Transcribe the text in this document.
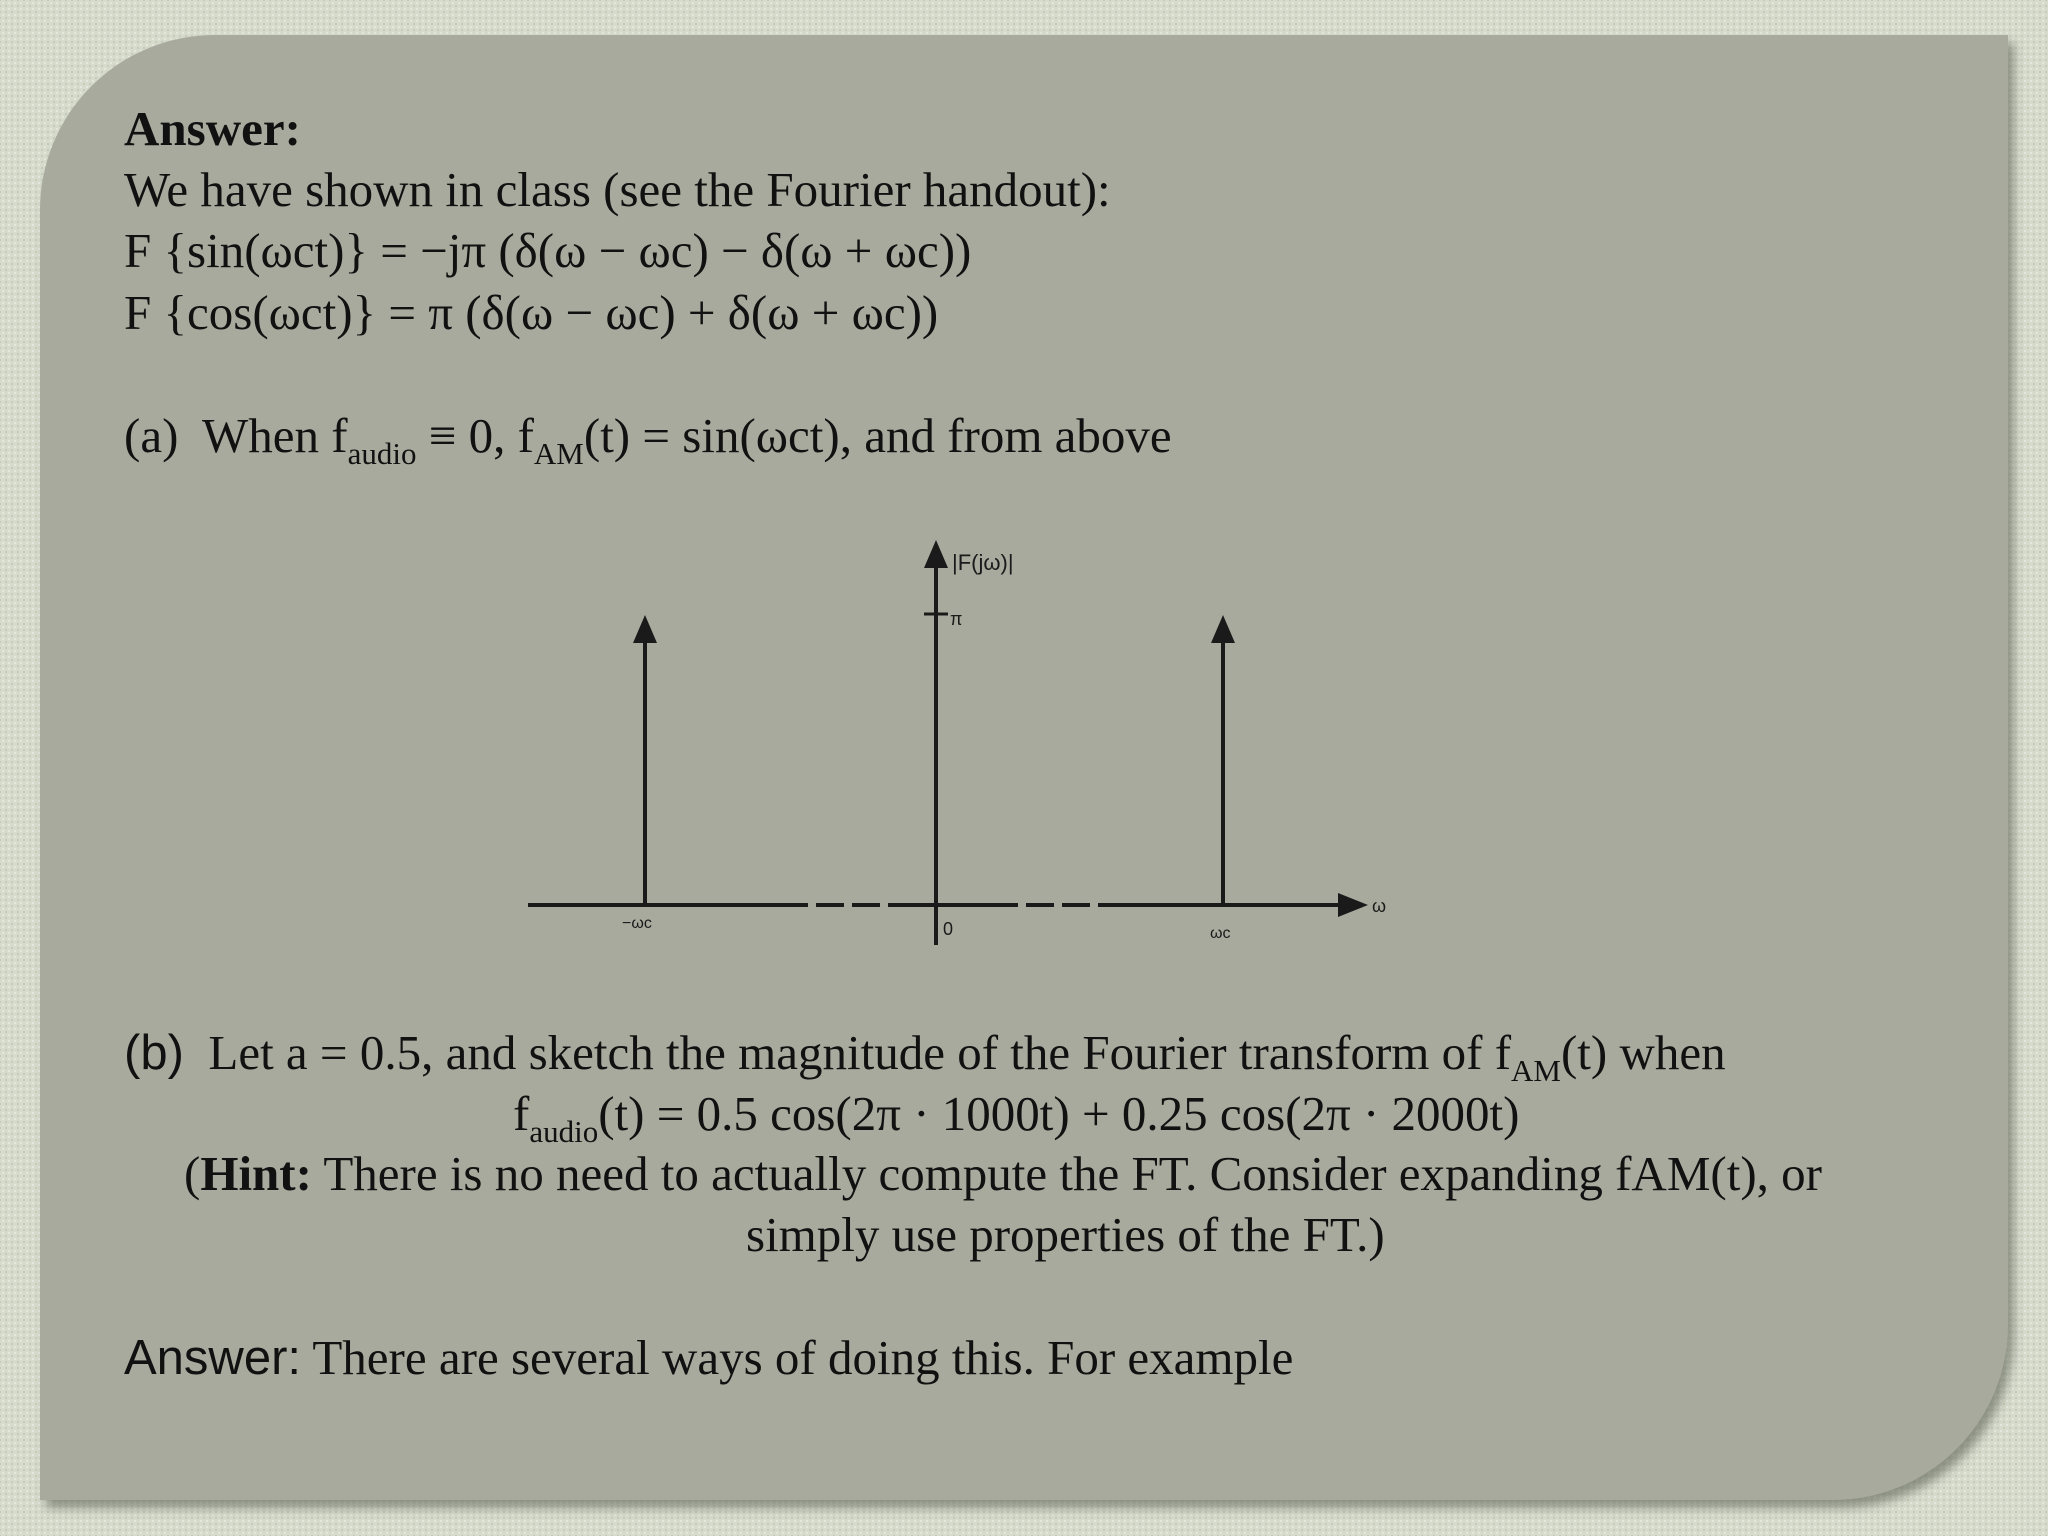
Answer:
We have shown in class (see the Fourier handout):
F {sin(ωct)} = −jπ (δ(ω − ωc) − δ(ω + ωc))
F {cos(ωct)} = π (δ(ω − ωc) + δ(ω + ωc))
(a) When $f_{audio} \equiv 0$, $f_{AM}(t) = \sin(\omega ct)$, and from above
|F(jω)|
π
ω
0
−ωc
ωc
(b) Let a = 0.5, and sketch the magnitude of the Fourier transform of $f_{AM}(t)$ when
$f_{audio}(t) = 0.5$ cos(2π · 1000t) + 0.25 cos(2π · 2000t)
(Hint: There is no need to actually compute the FT. Consider expanding fAM(t), or
simply use properties of the FT.)
Answer: There are several ways of doing this. For example
